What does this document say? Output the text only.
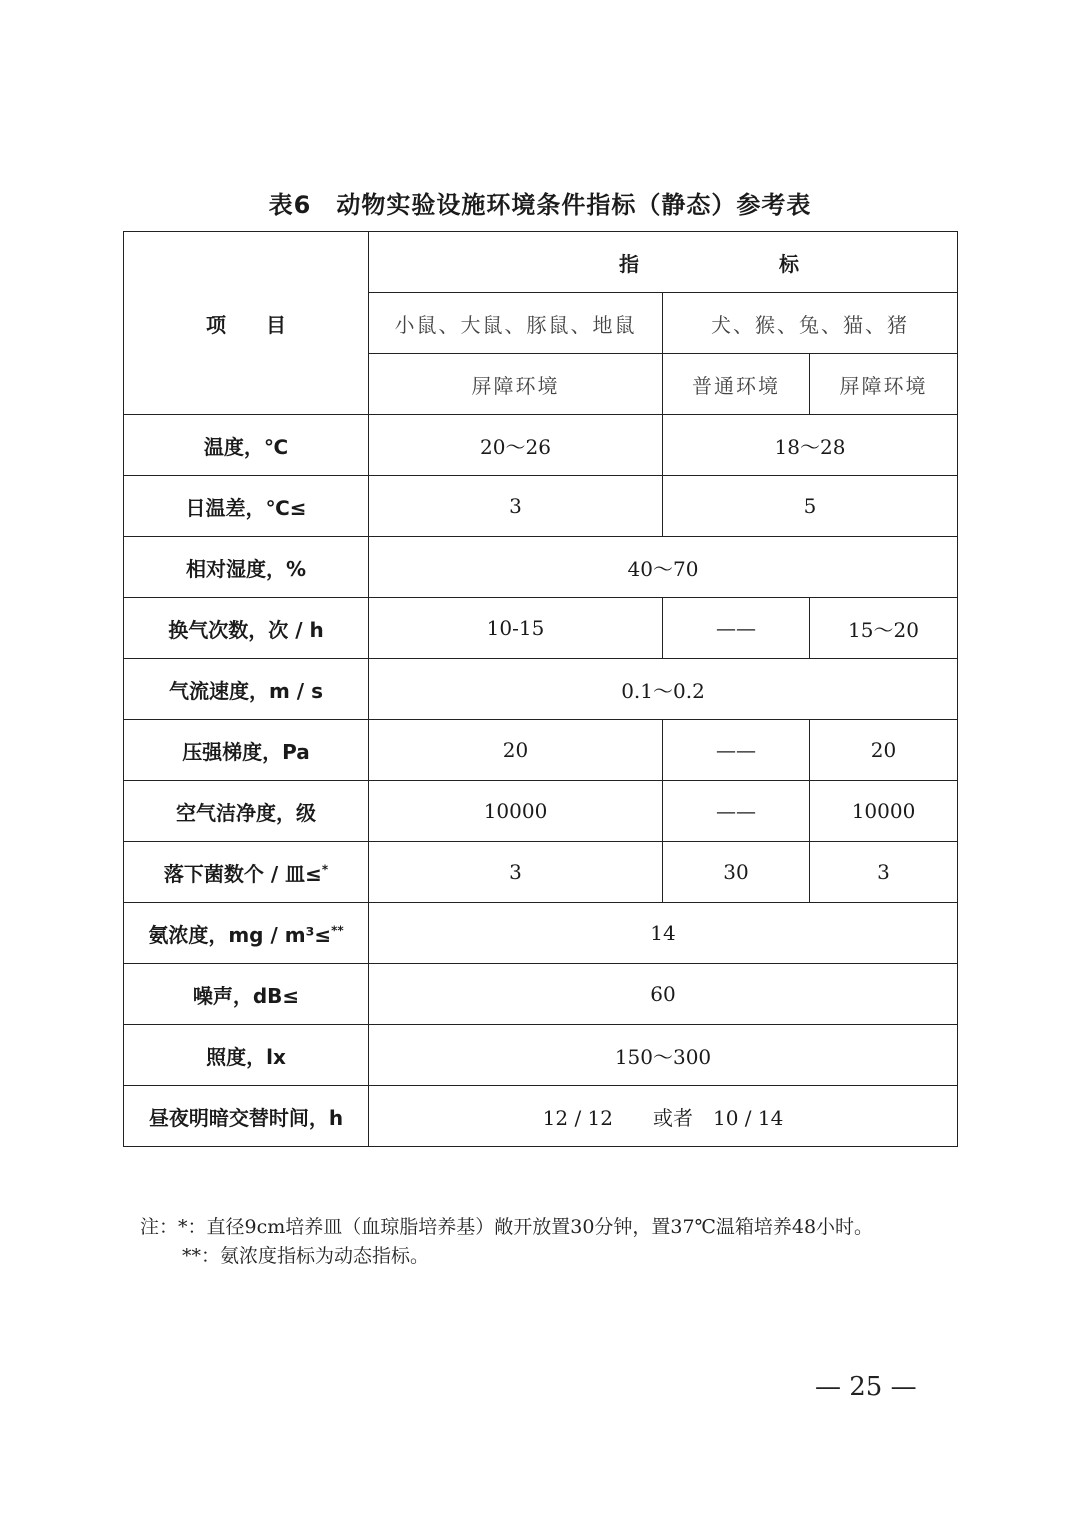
表6　动物实验设施环境条件指标（静态）参考表
项　　目	指 标		

	小鼠、大鼠、豚鼠、地鼠	犬、猴、兔、猫、猪	
	屏障环境	普通环境	屏障环境
温度，℃	20～26	18～28	
日温差，℃≤	3	5	
相对湿度，%	40～70		
换气次数，次 / h	10-15	——	15～20
气流速度，m / s	0.1～0.2		
压强梯度，Pa	20	——	20
空气洁净度，级	10000	——	10000
落下菌数个 / 皿≤*	3	30	3
氨浓度，mg / m³≤**	14		
噪声，dB≤	60		
照度，lx	150～300		
昼夜明暗交替时间，h	12 / 12　　或者　10 / 14		
注：*：直径9cm培养皿（血琼脂培养基）敞开放置30分钟，置37℃温箱培养48小时。
**：氨浓度指标为动态指标。
— 25 —
